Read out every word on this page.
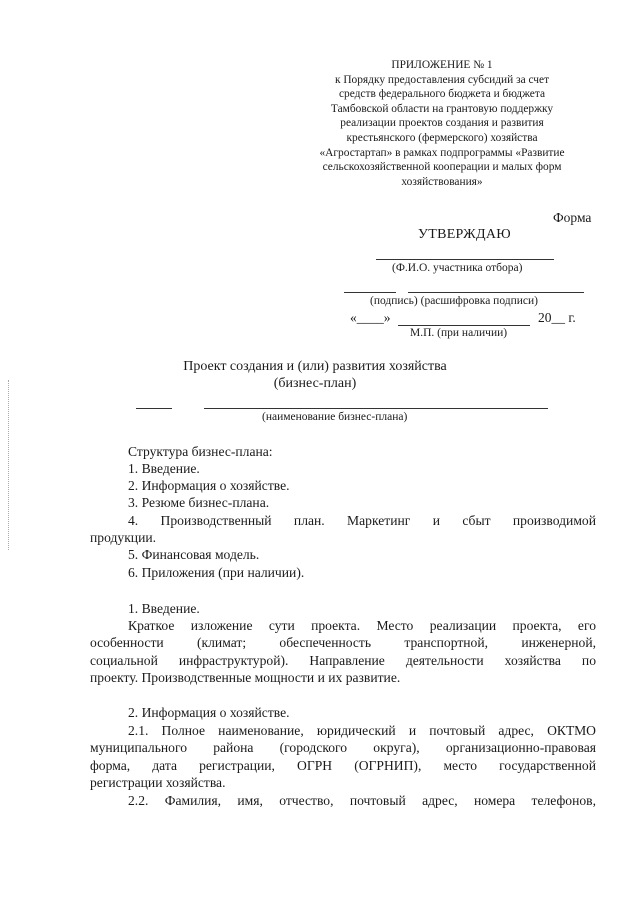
ПРИЛОЖЕНИЕ № 1
к Порядку предоставления субсидий за счет
средств федерального бюджета и бюджета
Тамбовской области на грантовую поддержку
реализации проектов создания и развития
крестьянского (фермерского) хозяйства
«Агростартап» в рамках подпрограммы «Развитие
сельскохозяйственной кооперации и малых форм
хозяйствования»
Форма
УТВЕРЖДАЮ
(Ф.И.О. участника отбора)
(подпись) (расшифровка подписи)
«____»	20__ г.
М.П. (при наличии)
Проект создания и (или) развития хозяйства
(бизнес-план)
(наименование бизнес-плана)
Структура бизнес-плана:
1. Введение.
2. Информация о хозяйстве.
3. Резюме бизнес-плана.
4. Производственный план. Маркетинг и сбыт производимой
продукции.
5. Финансовая модель.
6. Приложения (при наличии).
1. Введение.
Краткое изложение сути проекта. Место реализации проекта, его
особенности (климат; обеспеченность транспортной, инженерной,
социальной инфраструктурой). Направление деятельности хозяйства по
проекту. Производственные мощности и их развитие.
2. Информация о хозяйстве.
2.1. Полное наименование, юридический и почтовый адрес, ОКТМО
муниципального района (городского округа), организационно-правовая
форма, дата регистрации, ОГРН (ОГРНИП), место государственной
регистрации хозяйства.
2.2. Фамилия, имя, отчество, почтовый адрес, номера телефонов,
